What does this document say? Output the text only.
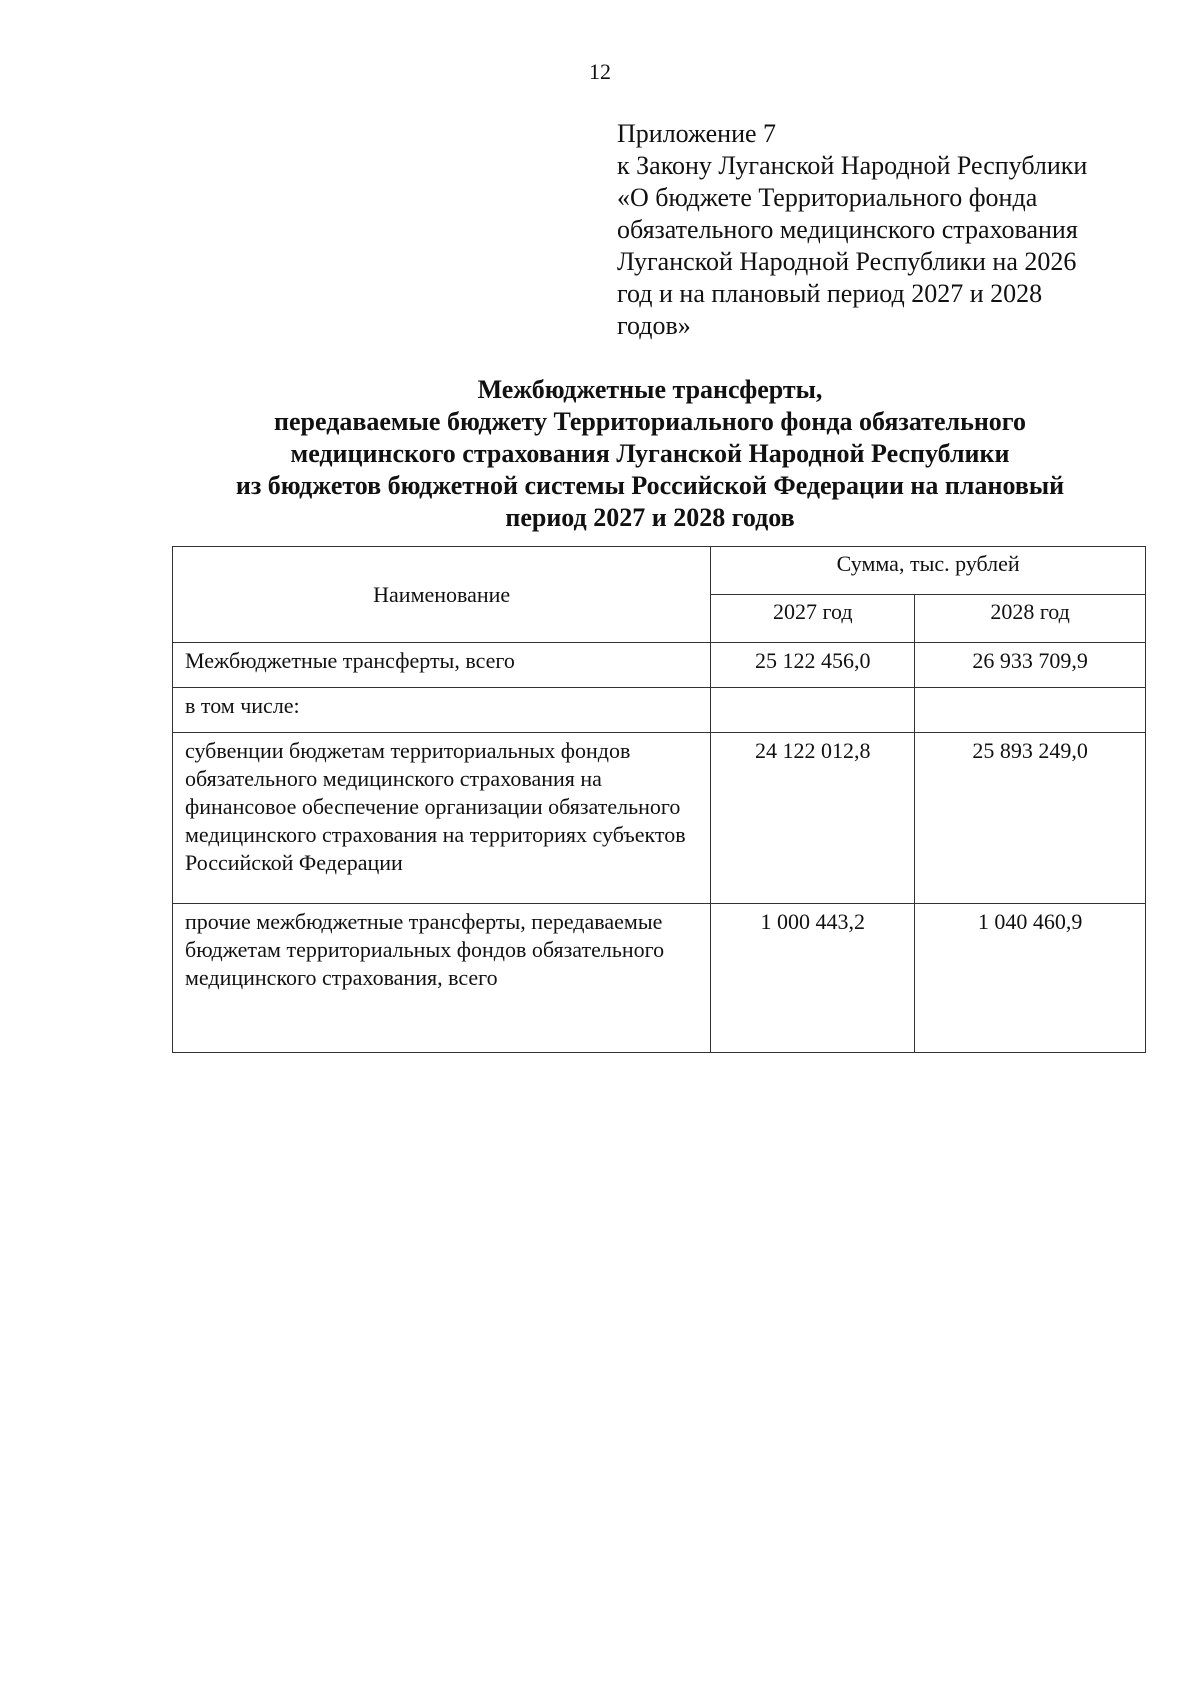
12
Приложение 7
к Закону Луганской Народной Республики
«О бюджете Территориального фонда
обязательного медицинского страхования
Луганской Народной Республики на 2026
год и на плановый период 2027 и 2028
годов»
Межбюджетные трансферты,
передаваемые бюджету Территориального фонда обязательного
медицинского страхования Луганской Народной Республики
из бюджетов бюджетной системы Российской Федерации на плановый
период 2027 и 2028 годов
Наименование	Сумма, тыс. рублей	
	2027 год	2028 год
Межбюджетные трансферты, всего	25 122 456,0	26 933 709,9
в том числе:		
субвенции бюджетам территориальных фондов обязательного медицинского страхования на финансовое обеспечение организации обязательного медицинского страхования на территориях субъектов Российской Федерации	24 122 012,8	25 893 249,0
прочие межбюджетные трансферты, передаваемые бюджетам территориальных фондов обязательного медицинского страхования, всего	1 000 443,2	1 040 460,9
